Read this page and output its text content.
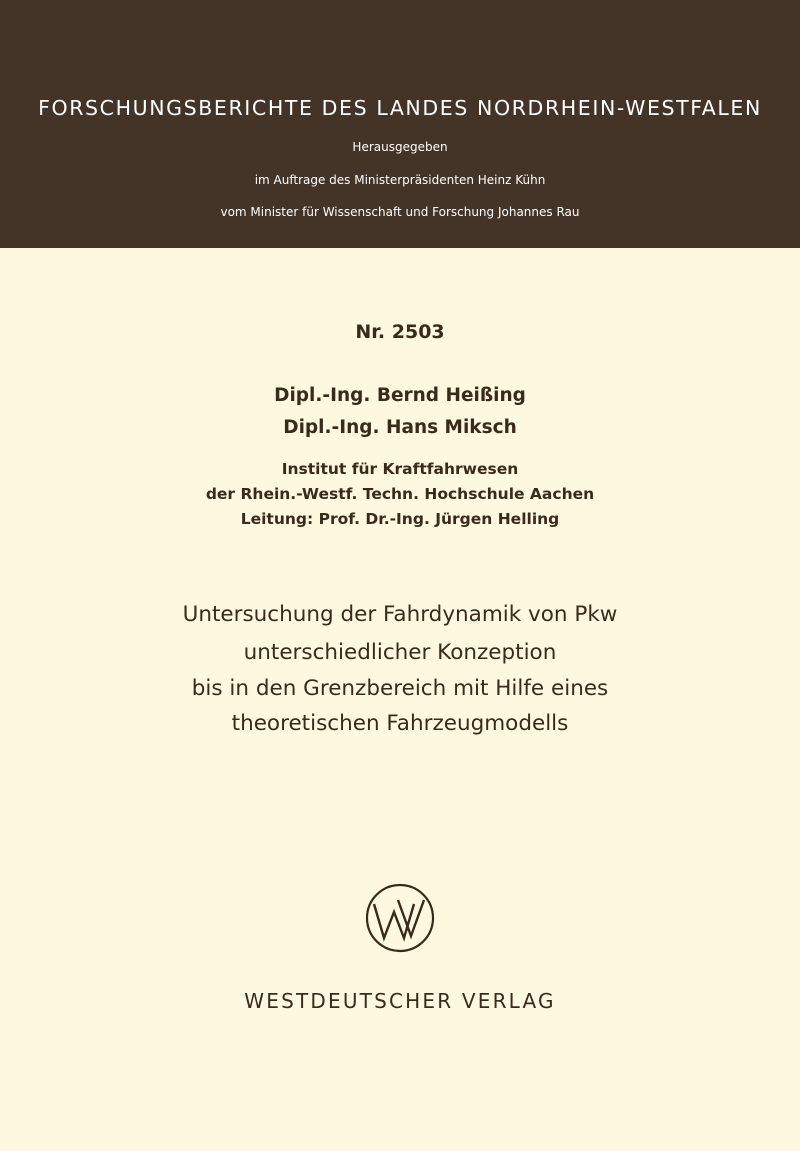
FORSCHUNGSBERICHTE DES LANDES NORDRHEIN-WESTFALEN
Herausgegeben
im Auftrage des Ministerpräsidenten Heinz Kühn
vom Minister für Wissenschaft und Forschung Johannes Rau
Nr. 2503
Dipl.-Ing. Bernd Heißing
Dipl.-Ing. Hans Miksch
Institut für Kraftfahrwesen
der Rhein.-Westf. Techn. Hochschule Aachen
Leitung: Prof. Dr.-Ing. Jürgen Helling
Untersuchung der Fahrdynamik von Pkw
unterschiedlicher Konzeption
bis in den Grenzbereich mit Hilfe eines
theoretischen Fahrzeugmodells
WESTDEUTSCHER VERLAG
